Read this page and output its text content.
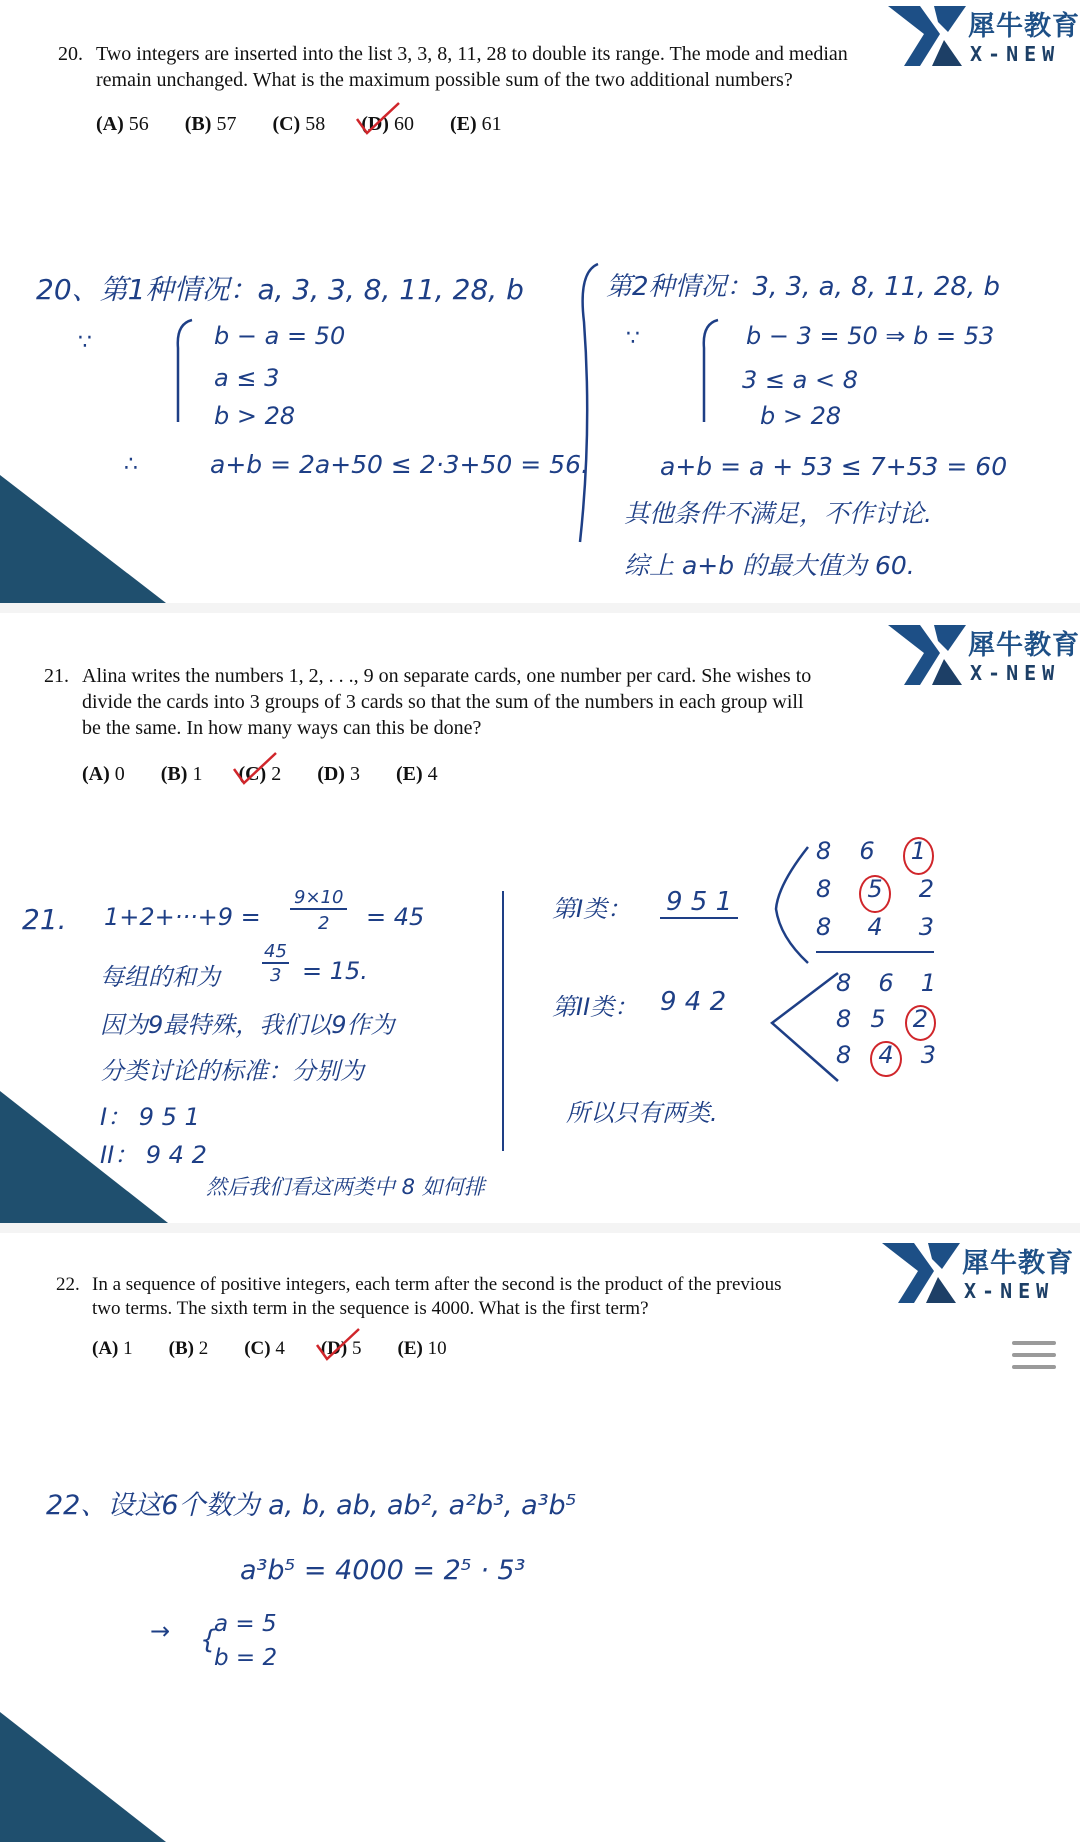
犀牛教育
X-NEW
20. Two integers are inserted into the list 3, 3, 8, 11, 28 to double its range. The mode and median
remain unchanged. What is the maximum possible sum of the two additional numbers?
(A) 56 (B) 57 (C) 58 (D) 60 (E) 61
20、第1种情况：a, 3, 3, 8, 11, 28, b
∵	b − a = 50
a ≤ 3
b > 28
∴	a+b = 2a+50 ≤ 2·3+50 = 56.
第2种情况：3, 3, a, 8, 11, 28, b
∵	b − 3 = 50 ⇒ b = 53
3 ≤ a < 8
b > 28
a+b = a + 53 ≤ 7+53 = 60
其他条件不满足，不作讨论.
综上 a+b 的最大值为 60.
犀牛教育
X-NEW
21. Alina writes the numbers 1, 2, . . ., 9 on separate cards, one number per card. She wishes to
divide the cards into 3 groups of 3 cards so that the sum of the numbers in each group will
be the same. In how many ways can this be done?
(A) 0 (B) 1 (C) 2 (D) 3 (E) 4
21. 1+2+···+9 =
9×10
2 = 45
每组的和为
45
3 = 15.
因为9最特殊，我们以9作为
分类讨论的标准：分别为
I： 9 5 1
II： 9 4 2
然后我们看这两类中 8 如何排
第I类： 9 5 1
第II类： 9 4 2
所以只有两类.
8 6	1
8	5	2
8 4 3
8 6 1
8 5	2
8	4	3
犀牛教育
X-NEW
22. In a sequence of positive integers, each term after the second is the product of the previous
two terms. The sixth term in the sequence is 4000. What is the first term?
(A) 1 (B) 2 (C) 4 (D) 5 (E) 10
22、设这6个数为 a, b, ab, ab², a²b³, a³b⁵
a³b⁵ = 4000 = 2⁵ · 5³
→ a = 5
b = 2
{
